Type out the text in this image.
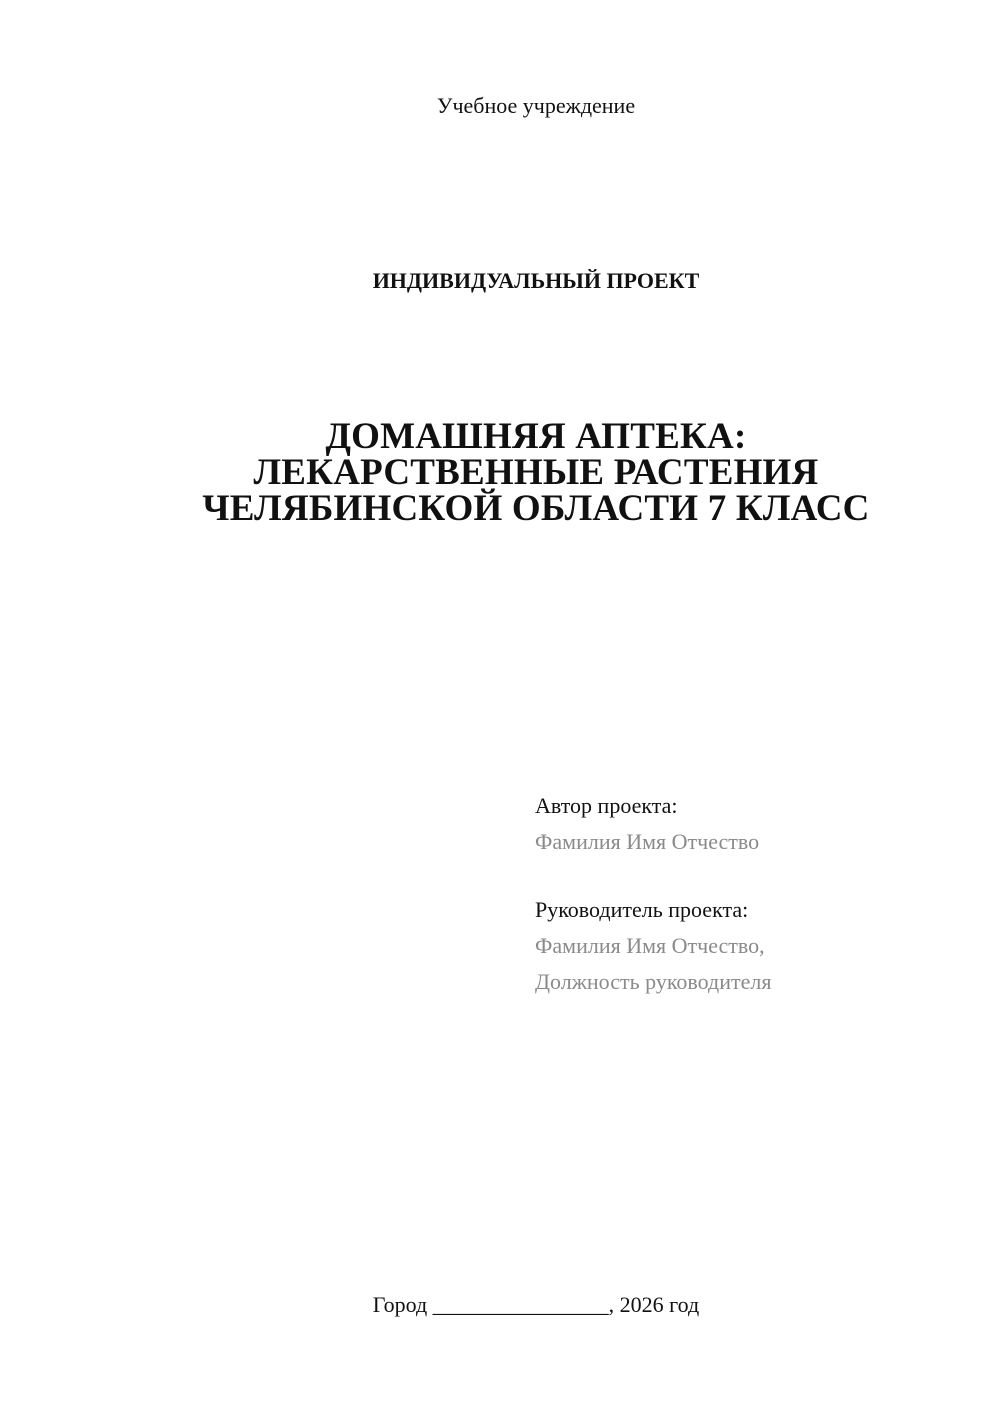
Учебное учреждение
ИНДИВИДУАЛЬНЫЙ ПРОЕКТ
ДОМАШНЯЯ АПТЕКА:
ЛЕКАРСТВЕННЫЕ РАСТЕНИЯ
ЧЕЛЯБИНСКОЙ ОБЛАСТИ 7 КЛАСС
Автор проекта:
Фамилия Имя Отчество
Руководитель проекта:
Фамилия Имя Отчество,
Должность руководителя
Город ________________, 2026 год
